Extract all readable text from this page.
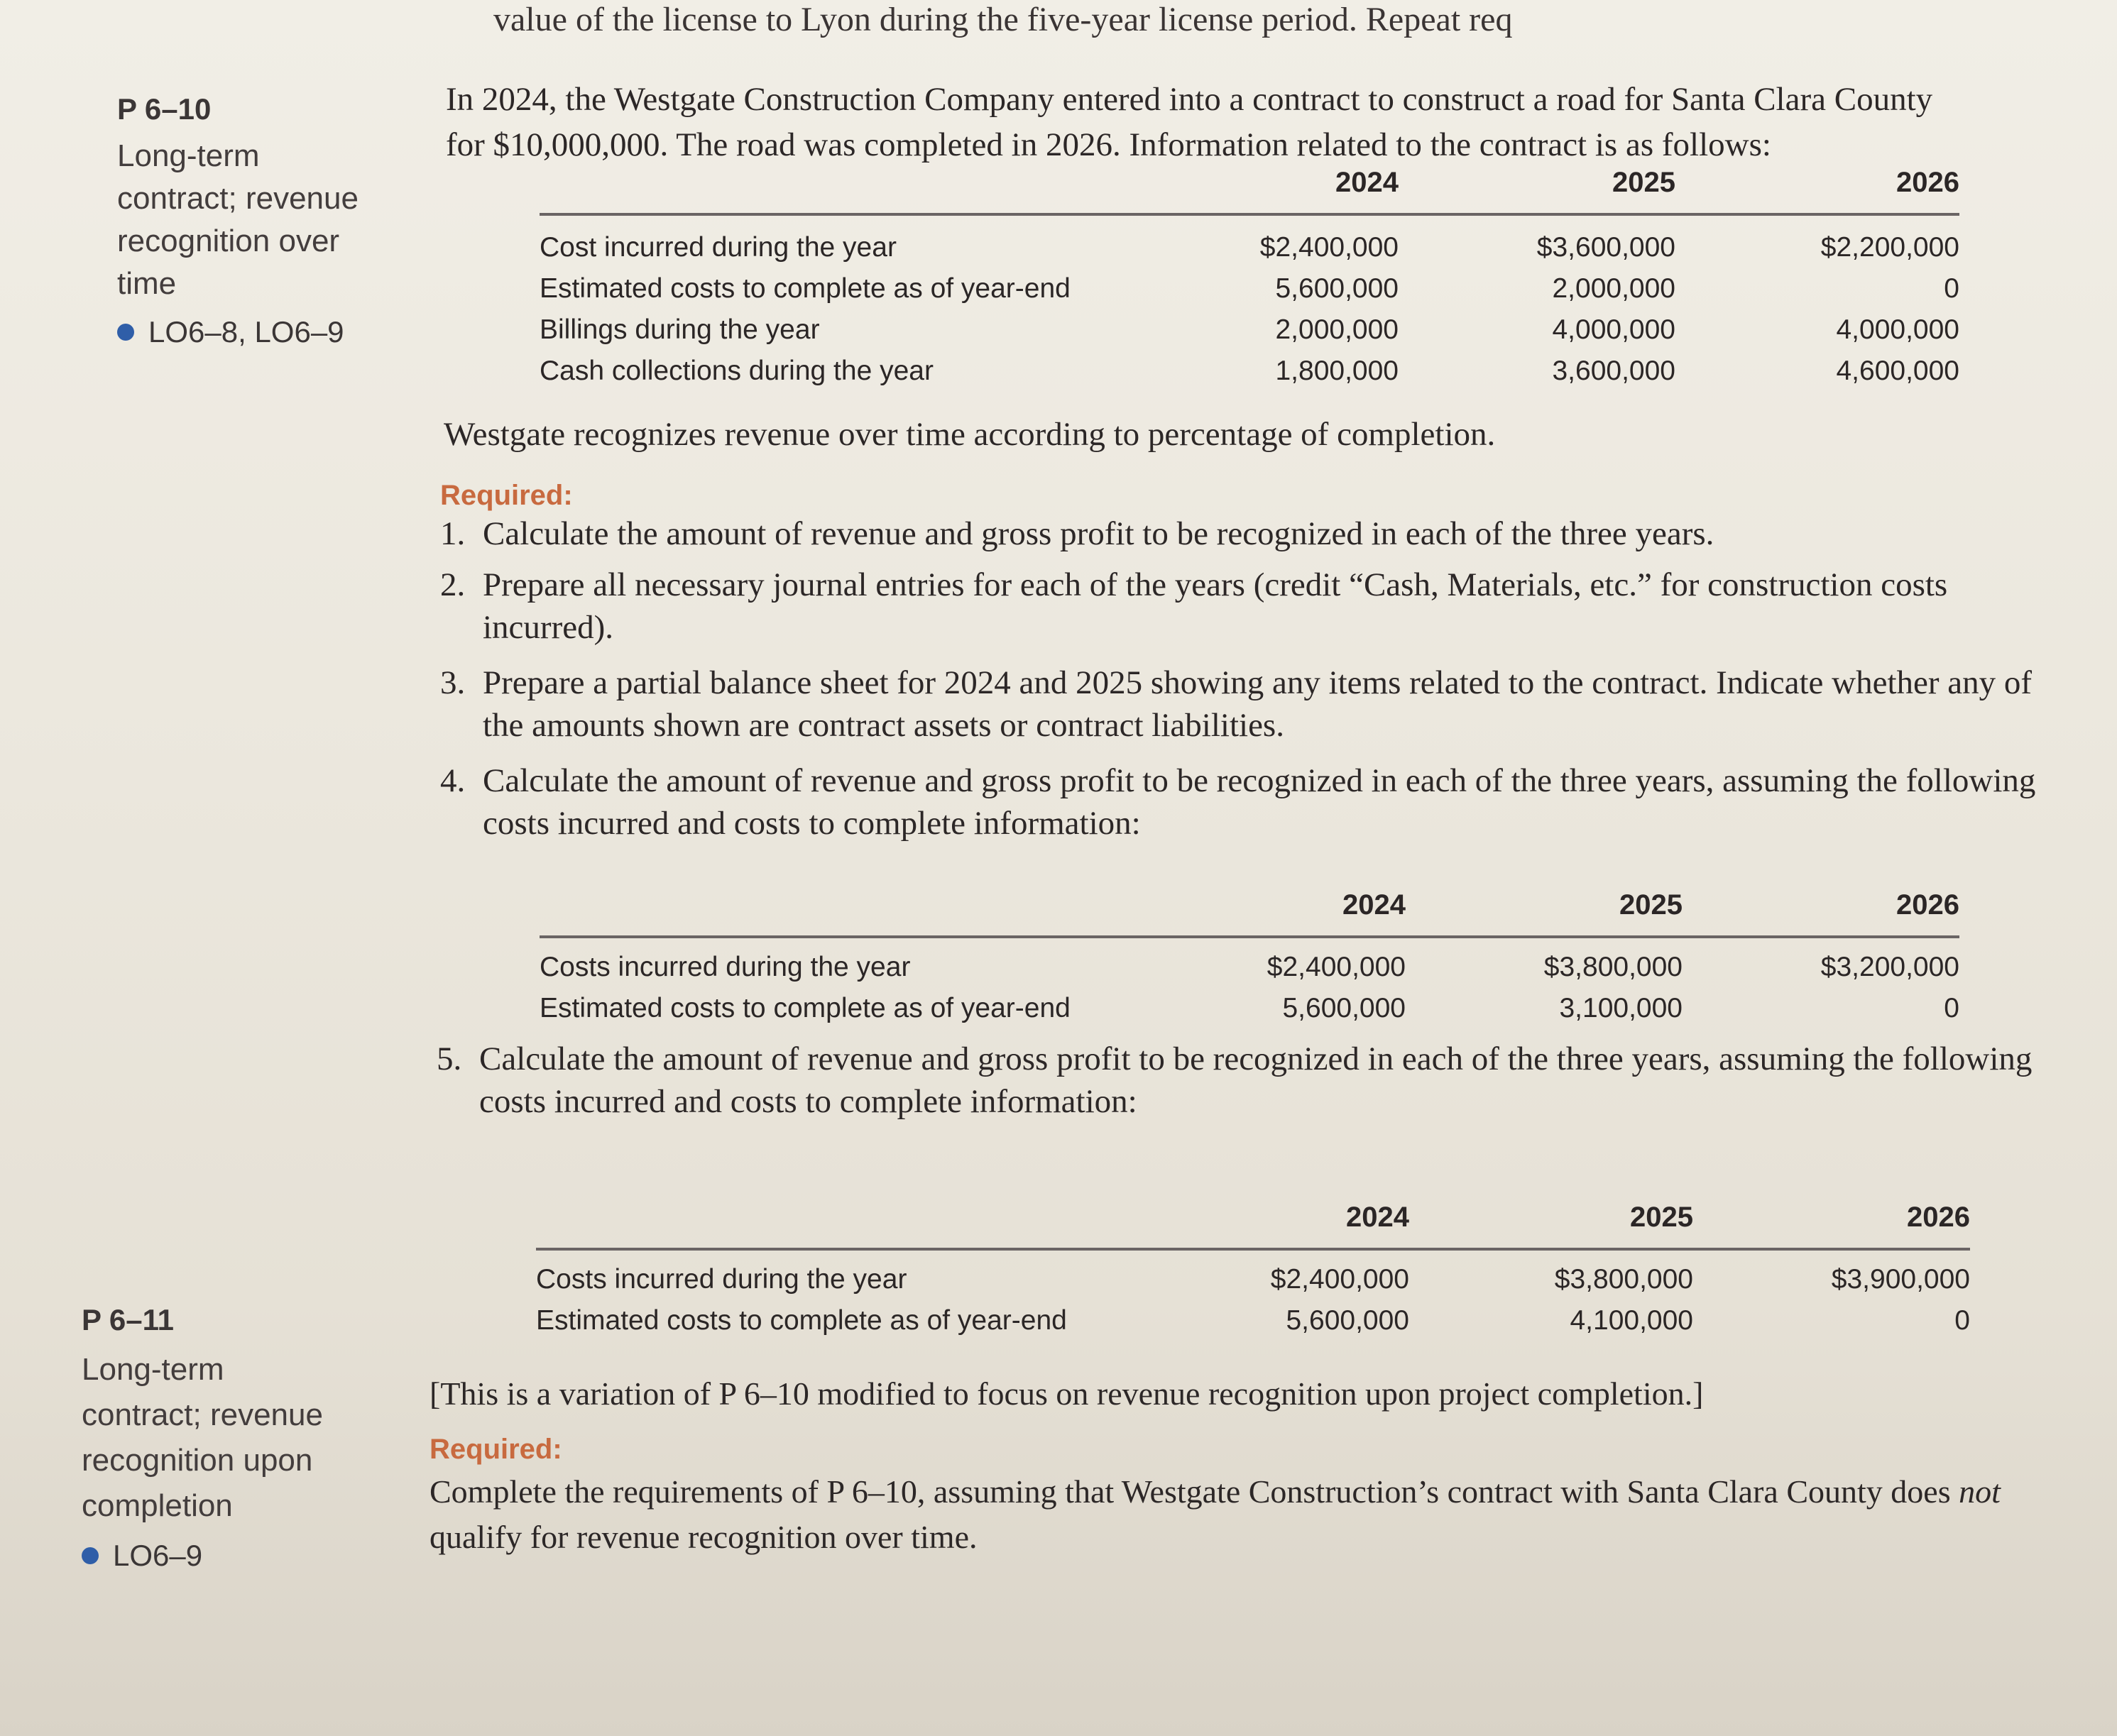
value of the license to Lyon during the five-year license period. Repeat req
P 6–10
Long-term
contract; revenue
recognition over
time
LO6–8, LO6–9
In 2024, the Westgate Construction Company entered into a contract to construct a road for Santa Clara County
for $10,000,000. The road was completed in 2026. Information related to the contract is as follows:
	2024	2025	2026

Cost incurred during the year	$2,400,000	$3,600,000	$2,200,000
Estimated costs to complete as of year-end	5,600,000	2,000,000	0
Billings during the year	2,000,000	4,000,000	4,000,000
Cash collections during the year	1,800,000	3,600,000	4,600,000
Westgate recognizes revenue over time according to percentage of completion.
Required:
1. Calculate the amount of revenue and gross profit to be recognized in each of the three years.
2. Prepare all necessary journal entries for each of the years (credit “Cash, Materials, etc.” for construction costs incurred).
3. Prepare a partial balance sheet for 2024 and 2025 showing any items related to the contract. Indicate whether any of the amounts shown are contract assets or contract liabilities.
4. Calculate the amount of revenue and gross profit to be recognized in each of the three years, assuming the following costs incurred and costs to complete information:
	2024	2025	2026

Costs incurred during the year	$2,400,000	$3,800,000	$3,200,000
Estimated costs to complete as of year-end	5,600,000	3,100,000	0
5. Calculate the amount of revenue and gross profit to be recognized in each of the three years, assuming the following costs incurred and costs to complete information:
	2024	2025	2026

Costs incurred during the year	$2,400,000	$3,800,000	$3,900,000
Estimated costs to complete as of year-end	5,600,000	4,100,000	0
P 6–11
Long-term
contract; revenue
recognition upon
completion
LO6–9
[This is a variation of P 6–10 modified to focus on revenue recognition upon project completion.]
Required:
Complete the requirements of P 6–10, assuming that Westgate Construction’s contract with Santa Clara County does not qualify for revenue recognition over time.
